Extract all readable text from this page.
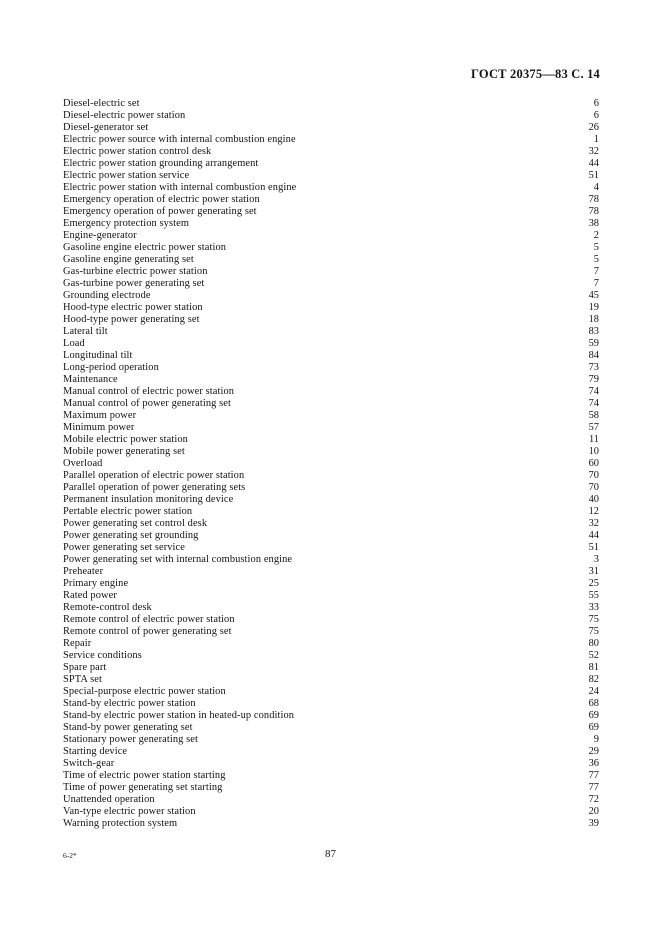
ГОСТ 20375—83 С. 14
Diesel-electric set	6
Diesel-electric power station	6
Diesel-generator set	26
Electric power source with internal combustion engine	1
Electric power station control desk	32
Electric power station grounding arrangement	44
Electric power station service	51
Electric power station with internal combustion engine	4
Emergency operation of electric power station	78
Emergency operation of power generating set	78
Emergency protection system	38
Engine-generator	2
Gasoline engine electric power station	5
Gasoline engine generating set	5
Gas-turbine electric power station	7
Gas-turbine power generating set	7
Grounding electrode	45
Hood-type electric power station	19
Hood-type power generating set	18
Lateral tilt	83
Load	59
Longitudinal tilt	84
Long-period operation	73
Maintenance	79
Manual control of electric power station	74
Manual control of power generating set	74
Maximum power	58
Minimum power	57
Mobile electric power station	11
Mobile power generating set	10
Overload	60
Parallel operation of electric power station	70
Parallel operation of power generating sets	70
Permanent insulation monitoring device	40
Pertable electric power station	12
Power generating set control desk	32
Power generating set grounding	44
Power generating set service	51
Power generating set with internal combustion engine	3
Preheater	31
Primary engine	25
Rated power	55
Remote-control desk	33
Remote control of electric power station	75
Remote control of power generating set	75
Repair	80
Service conditions	52
Spare part	81
SPTA set	82
Special-purpose electric power station	24
Stand-by electric power station	68
Stand-by electric power station in heated-up condition	69
Stand-by power generating set	69
Stationary power generating set	9
Starting device	29
Switch-gear	36
Time of electric power station starting	77
Time of power generating set starting	77
Unattended operation	72
Van-type electric power station	20
Warning protection system	39
6-2*	87
